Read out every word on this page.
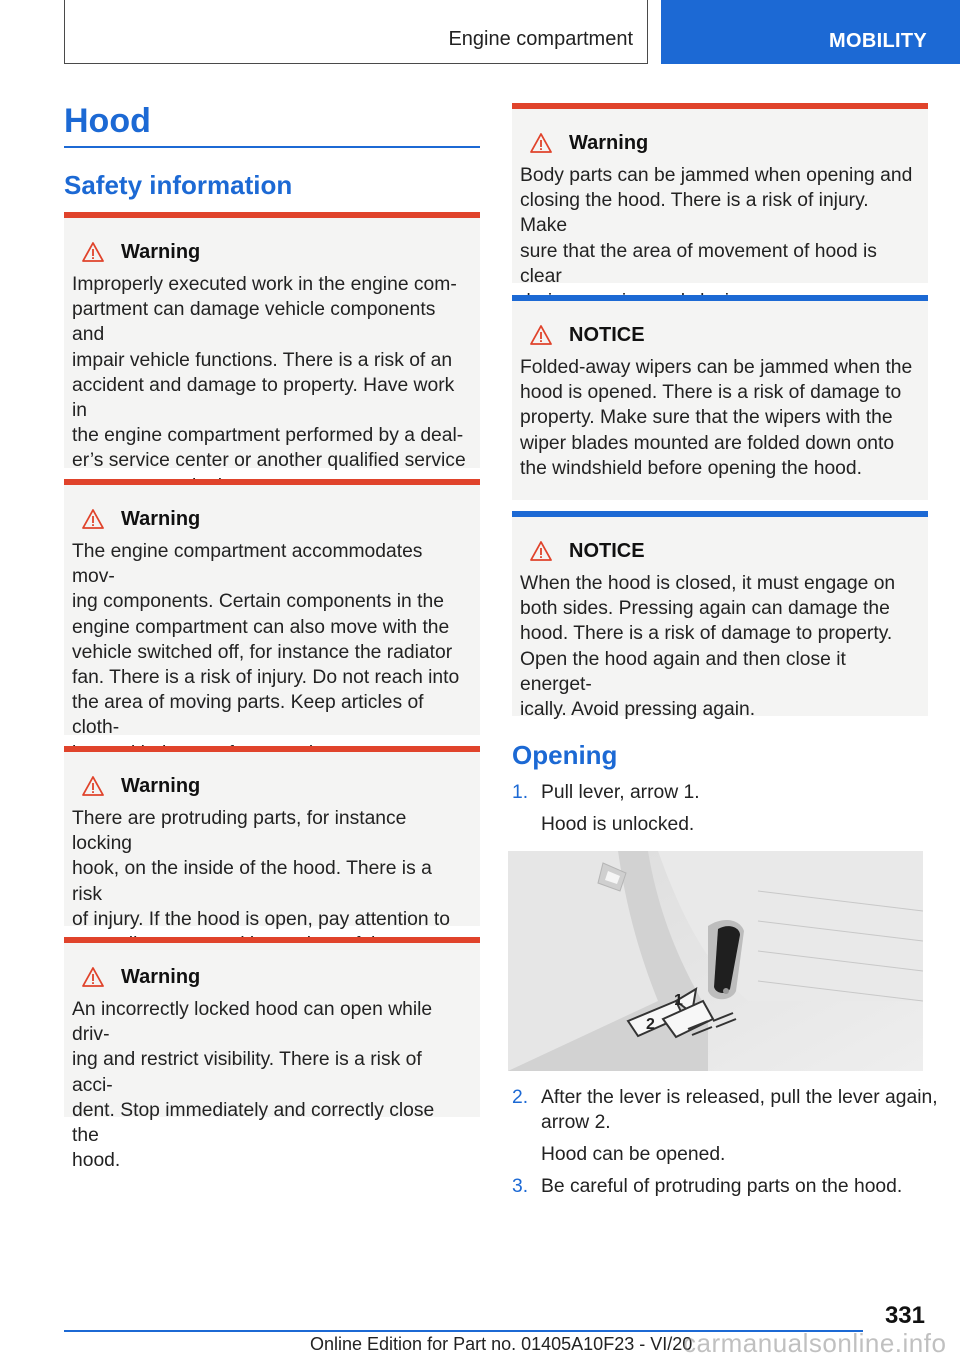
Engine compartment	MOBILITY
Hood
Safety information
Warning

Improperly executed work in the engine com-
partment can damage vehicle components and
impair vehicle functions. There is a risk of an
accident and damage to property. Have work in
the engine compartment performed by a deal-
er’s service center or another qualified service

Warning

The engine compartment accommodates mov-
ing components. Certain components in the
engine compartment can also move with the
vehicle switched off, for instance the radiator
fan. There is a risk of injury. Do not reach into
the area of moving parts. Keep articles of cloth-

Warning

There are protruding parts, for instance locking
hook, on the inside of the hood. There is a risk
of injury. If the hood is open, pay attention to

Warning

An incorrectly locked hood can open while driv-
ing and restrict visibility. There is a risk of acci-
dent. Stop immediately and correctly close the
hood.

Warning

Body parts can be jammed when opening and
closing the hood. There is a risk of injury. Make
sure that the area of movement of hood is clear

NOTICE

Folded-away wipers can be jammed when the
hood is opened. There is a risk of damage to
property. Make sure that the wipers with the
wiper blades mounted are folded down onto
the windshield before opening the hood.

NOTICE

When the hood is closed, it must engage on
both sides. Pressing again can damage the
hood. There is a risk of damage to property.
Open the hood again and then close it energet-
ically. Avoid pressing again.

Opening
1. Pull lever, arrow 1.
Hood is unlocked.
2
1
2. After the lever is released, pull the lever again,
arrow 2.
Hood can be opened.
3. Be careful of protruding parts on the hood.
331
Online Edition for Part no. 01405A10F23 - VI/20
carmanualsonline.info
